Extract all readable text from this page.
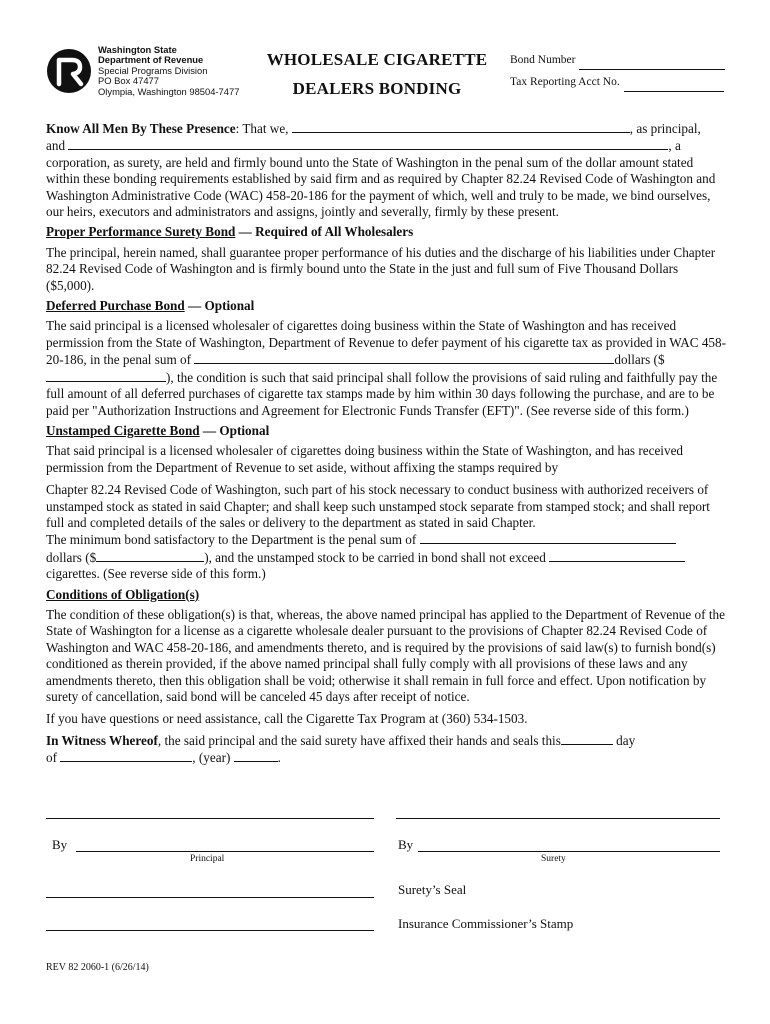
Washington State
Department of Revenue
Special Programs Division
PO Box 47477
Olympia, Washington 98504-7477
WHOLESALE CIGARETTE
DEALERS BONDING
Bond Number
Tax Reporting Acct No.
Know All Men By These Presence: That we,	, as principal,
and	, a
corporation, as surety, are held and firmly bound unto the State of Washington in the penal sum of the dollar amount stated within these bonding requirements established by said firm and as required by Chapter 82.24 Revised Code of Washington and Washington Administrative Code (WAC) 458-20-186 for the payment of which, well and truly to be made, we bind ourselves, our heirs, executors and administrators and assigns, jointly and severally, firmly by these present.
Proper Performance Surety Bond — Required of All Wholesalers
The principal, herein named, shall guarantee proper performance of his duties and the discharge of his liabilities under Chapter 82.24 Revised Code of Washington and is firmly bound unto the State in the just and full sum of Five Thousand Dollars ($5,000).
Deferred Purchase Bond — Optional
The said principal is a licensed wholesaler of cigarettes doing business within the State of Washington and has received permission from the State of Washington, Department of Revenue to defer payment of his cigarette tax as provided in WAC 458-20-186, in the penal sum of	dollars ($), the condition is such that said principal shall follow the provisions of said ruling and faithfully pay the full amount of all deferred purchases of cigarette tax stamps made by him within 30 days following the purchase, and are to be paid per "Authorization Instructions and Agreement for Electronic Funds Transfer (EFT)". (See reverse side of this form.)
Unstamped Cigarette Bond — Optional
That said principal is a licensed wholesaler of cigarettes doing business within the State of Washington, and has received permission from the Department of Revenue to set aside, without affixing the stamps required by
Chapter 82.24 Revised Code of Washington, such part of his stock necessary to conduct business with authorized receivers of unstamped stock as stated in said Chapter; and shall keep such unstamped stock separate from stamped stock; and shall report full and completed details of the sales or delivery to the department as stated in said Chapter.
The minimum bond satisfactory to the Department is the penal sum of
dollars ($	), and the unstamped stock to be carried in bond shall not exceed
cigarettes. (See reverse side of this form.)
Conditions of Obligation(s)
The condition of these obligation(s) is that, whereas, the above named principal has applied to the Department of Revenue of the State of Washington for a license as a cigarette wholesale dealer pursuant to the provisions of Chapter 82.24 Revised Code of Washington and WAC 458-20-186, and amendments thereto, and is required by the provisions of said law(s) to furnish bond(s) conditioned as therein provided, if the above named principal shall fully comply with all provisions of these laws and any amendments thereto, then this obligation shall be void; otherwise it shall remain in full force and effect. Upon notification by surety of cancellation, said bond will be canceled 45 days after receipt of notice.
If you have questions or need assistance, call the Cigarette Tax Program at (360) 534-1503.
In Witness Whereof, the said principal and the said surety have affixed their hands and seals this	day
of	, (year)	.
By
Principal
By
Surety
Surety’s Seal
Insurance Commissioner’s Stamp
REV 82 2060-1 (6/26/14)
